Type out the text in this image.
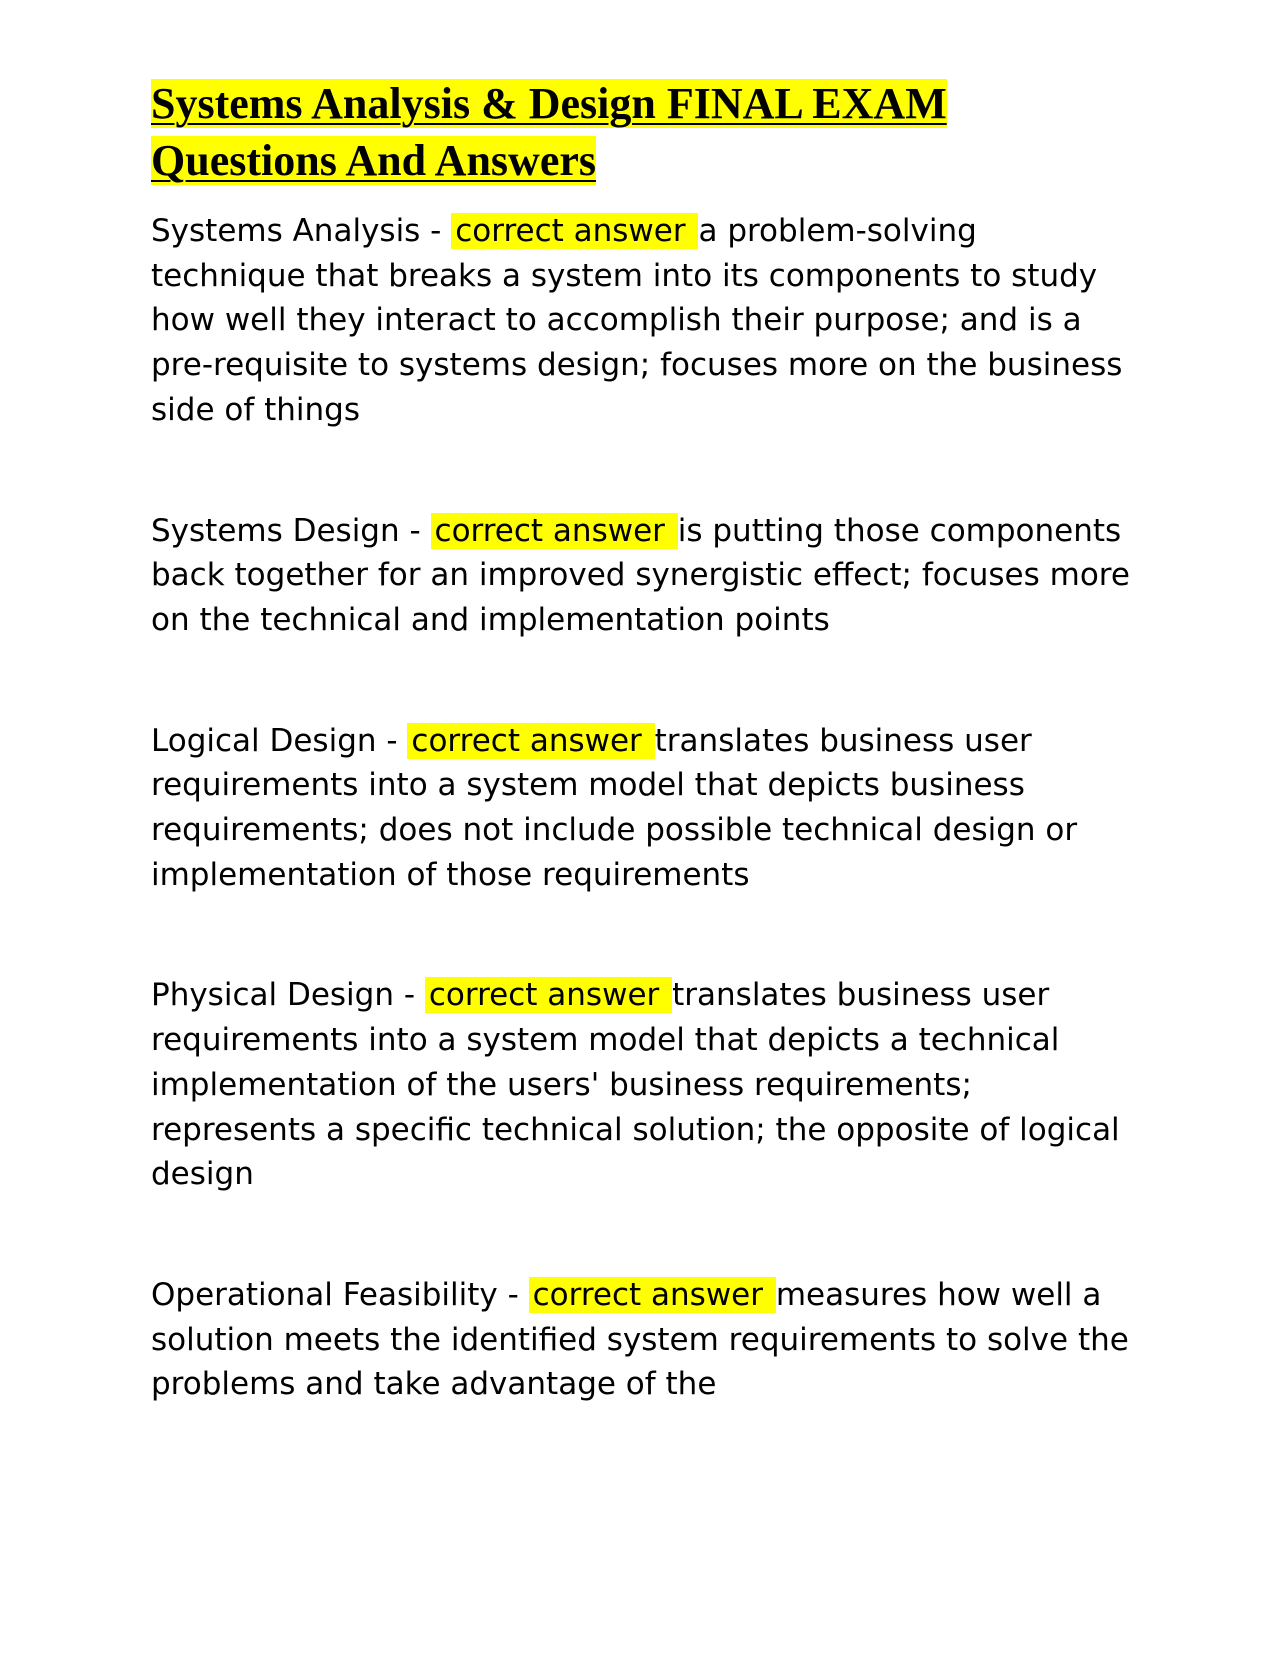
Systems Analysis & Design FINAL EXAM
Questions And Answers

Systems Analysis - correct answer a problem-solving technique that breaks a system into its components to study how well they interact to accomplish their purpose; and is a pre-requisite to systems design; focuses more on the business side of things

Systems Design - correct answer is putting those components back together for an improved synergistic effect; focuses more on the technical and implementation points

Logical Design - correct answer translates business user requirements into a system model that depicts business requirements; does not include possible technical design or implementation of those requirements

Physical Design - correct answer translates business user requirements into a system model that depicts a technical implementation of the users' business requirements; represents a specific technical solution; the opposite of logical design

Operational Feasibility - correct answer measures how well a solution meets the identified system requirements to solve the problems and take advantage of the
